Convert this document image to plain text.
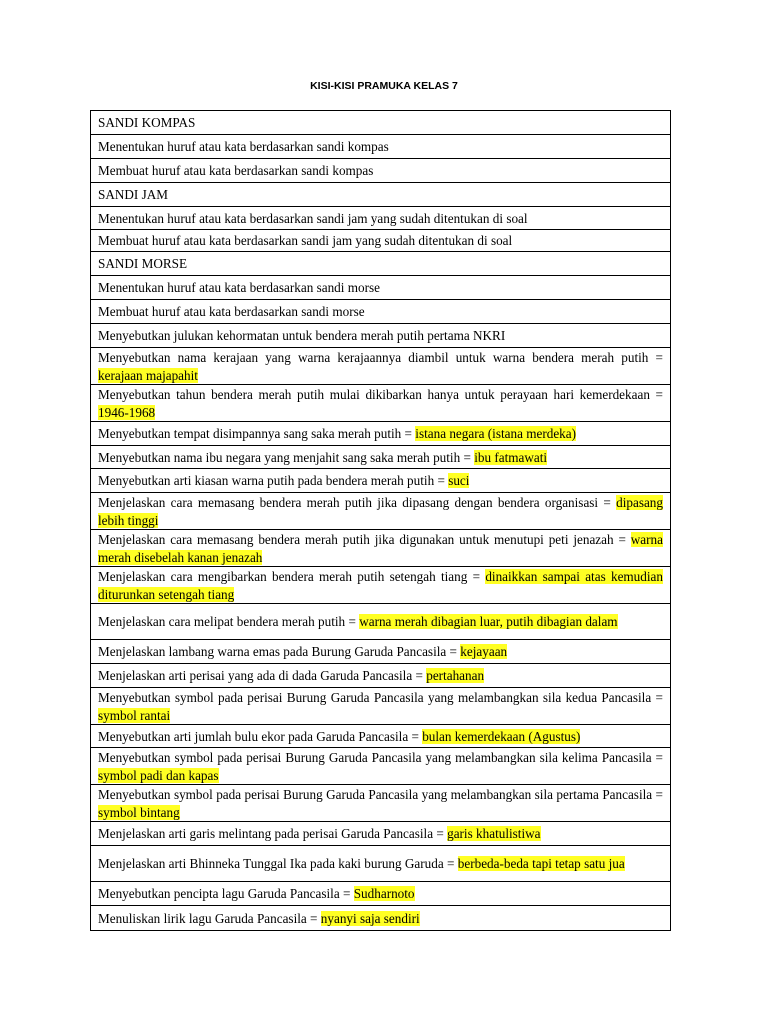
KISI-KISI PRAMUKA KELAS 7
SANDI KOMPAS
Menentukan huruf atau kata berdasarkan sandi kompas
Membuat huruf atau kata berdasarkan sandi kompas
SANDI JAM
Menentukan huruf atau kata berdasarkan sandi jam yang sudah ditentukan di soal
Membuat huruf atau kata berdasarkan sandi jam yang sudah ditentukan di soal
SANDI MORSE
Menentukan huruf atau kata berdasarkan sandi morse
Membuat huruf atau kata berdasarkan sandi morse
Menyebutkan julukan kehormatan untuk bendera merah putih pertama NKRI
Menyebutkan nama kerajaan yang warna kerajaannya diambil untuk warna bendera merah putih = kerajaan majapahit
Menyebutkan tahun bendera merah putih mulai dikibarkan hanya untuk perayaan hari kemerdekaan = 1946-1968
Menyebutkan tempat disimpannya sang saka merah putih = istana negara (istana merdeka)
Menyebutkan nama ibu negara yang menjahit sang saka merah putih = ibu fatmawati
Menyebutkan arti kiasan warna putih pada bendera merah putih = suci
Menjelaskan cara memasang bendera merah putih jika dipasang dengan bendera organisasi = dipasang lebih tinggi
Menjelaskan cara memasang bendera merah putih jika digunakan untuk menutupi peti jenazah = warna merah disebelah kanan jenazah
Menjelaskan cara mengibarkan bendera merah putih setengah tiang = dinaikkan sampai atas kemudian diturunkan setengah tiang
Menjelaskan cara melipat bendera merah putih = warna merah dibagian luar, putih dibagian dalam
Menjelaskan lambang warna emas pada Burung Garuda Pancasila = kejayaan
Menjelaskan arti perisai yang ada di dada Garuda Pancasila = pertahanan
Menyebutkan symbol pada perisai Burung Garuda Pancasila yang melambangkan sila kedua Pancasila = symbol rantai
Menyebutkan arti jumlah bulu ekor pada Garuda Pancasila = bulan kemerdekaan (Agustus)
Menyebutkan symbol pada perisai Burung Garuda Pancasila yang melambangkan sila kelima Pancasila = symbol padi dan kapas
Menyebutkan symbol pada perisai Burung Garuda Pancasila yang melambangkan sila pertama Pancasila = symbol bintang
Menjelaskan arti garis melintang pada perisai Garuda Pancasila = garis khatulistiwa
Menjelaskan arti Bhinneka Tunggal Ika pada kaki burung Garuda = berbeda-beda tapi tetap satu jua
Menyebutkan pencipta lagu Garuda Pancasila = Sudharnoto
Menuliskan lirik lagu Garuda Pancasila = nyanyi saja sendiri
